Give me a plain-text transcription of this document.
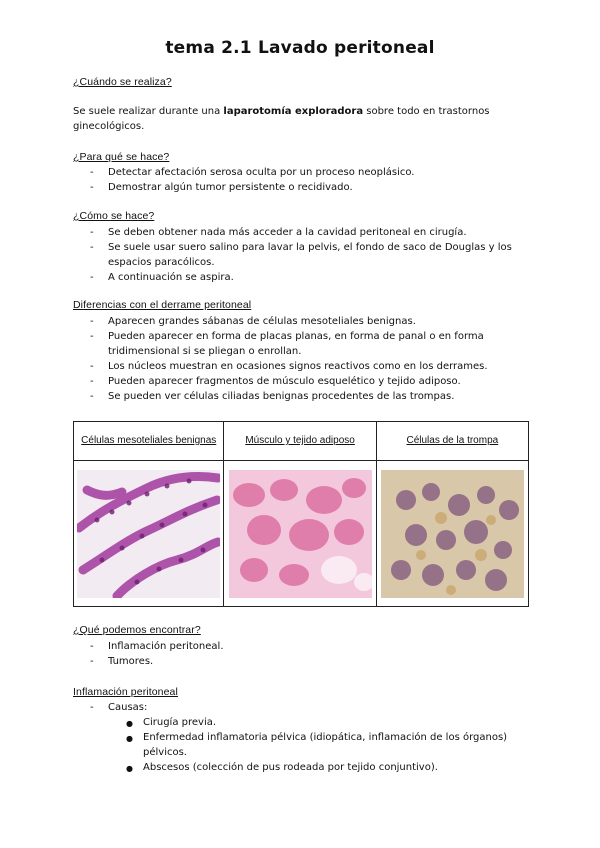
tema 2.1 Lavado peritoneal
¿Cuándo se realiza?
Se suele realizar durante una laparotomía exploradora sobre todo en trastornos ginecológicos.
¿Para qué se hace?
- Detectar afectación serosa oculta por un proceso neoplásico.
- Demostrar algún tumor persistente o recidivado.
¿Cómo se hace?
- Se deben obtener nada más acceder a la cavidad peritoneal en cirugía.
- Se suele usar suero salino para lavar la pelvis, el fondo de saco de Douglas y los espacios paracólicos.
- A continuación se aspira.
Diferencias con el derrame peritoneal
- Aparecen grandes sábanas de células mesoteliales benignas.
- Pueden aparecer en forma de placas planas, en forma de panal o en forma tridimensional si se pliegan o enrollan.
- Los núcleos muestran en ocasiones signos reactivos como en los derrames.
- Pueden aparecer fragmentos de músculo esquelético y tejido adiposo.
- Se pueden ver células ciliadas benignas procedentes de las trompas.
Células mesoteliales benignas	Músculo y tejido adiposo	Células de la trompa

¿Qué podemos encontrar?
- Inflamación peritoneal.
- Tumores.
Inflamación peritoneal
- Causas:
● Cirugía previa.
● Enfermedad inflamatoria pélvica (idiopática, inflamación de los órganos) pélvicos.
● Abscesos (colección de pus rodeada por tejido conjuntivo).
